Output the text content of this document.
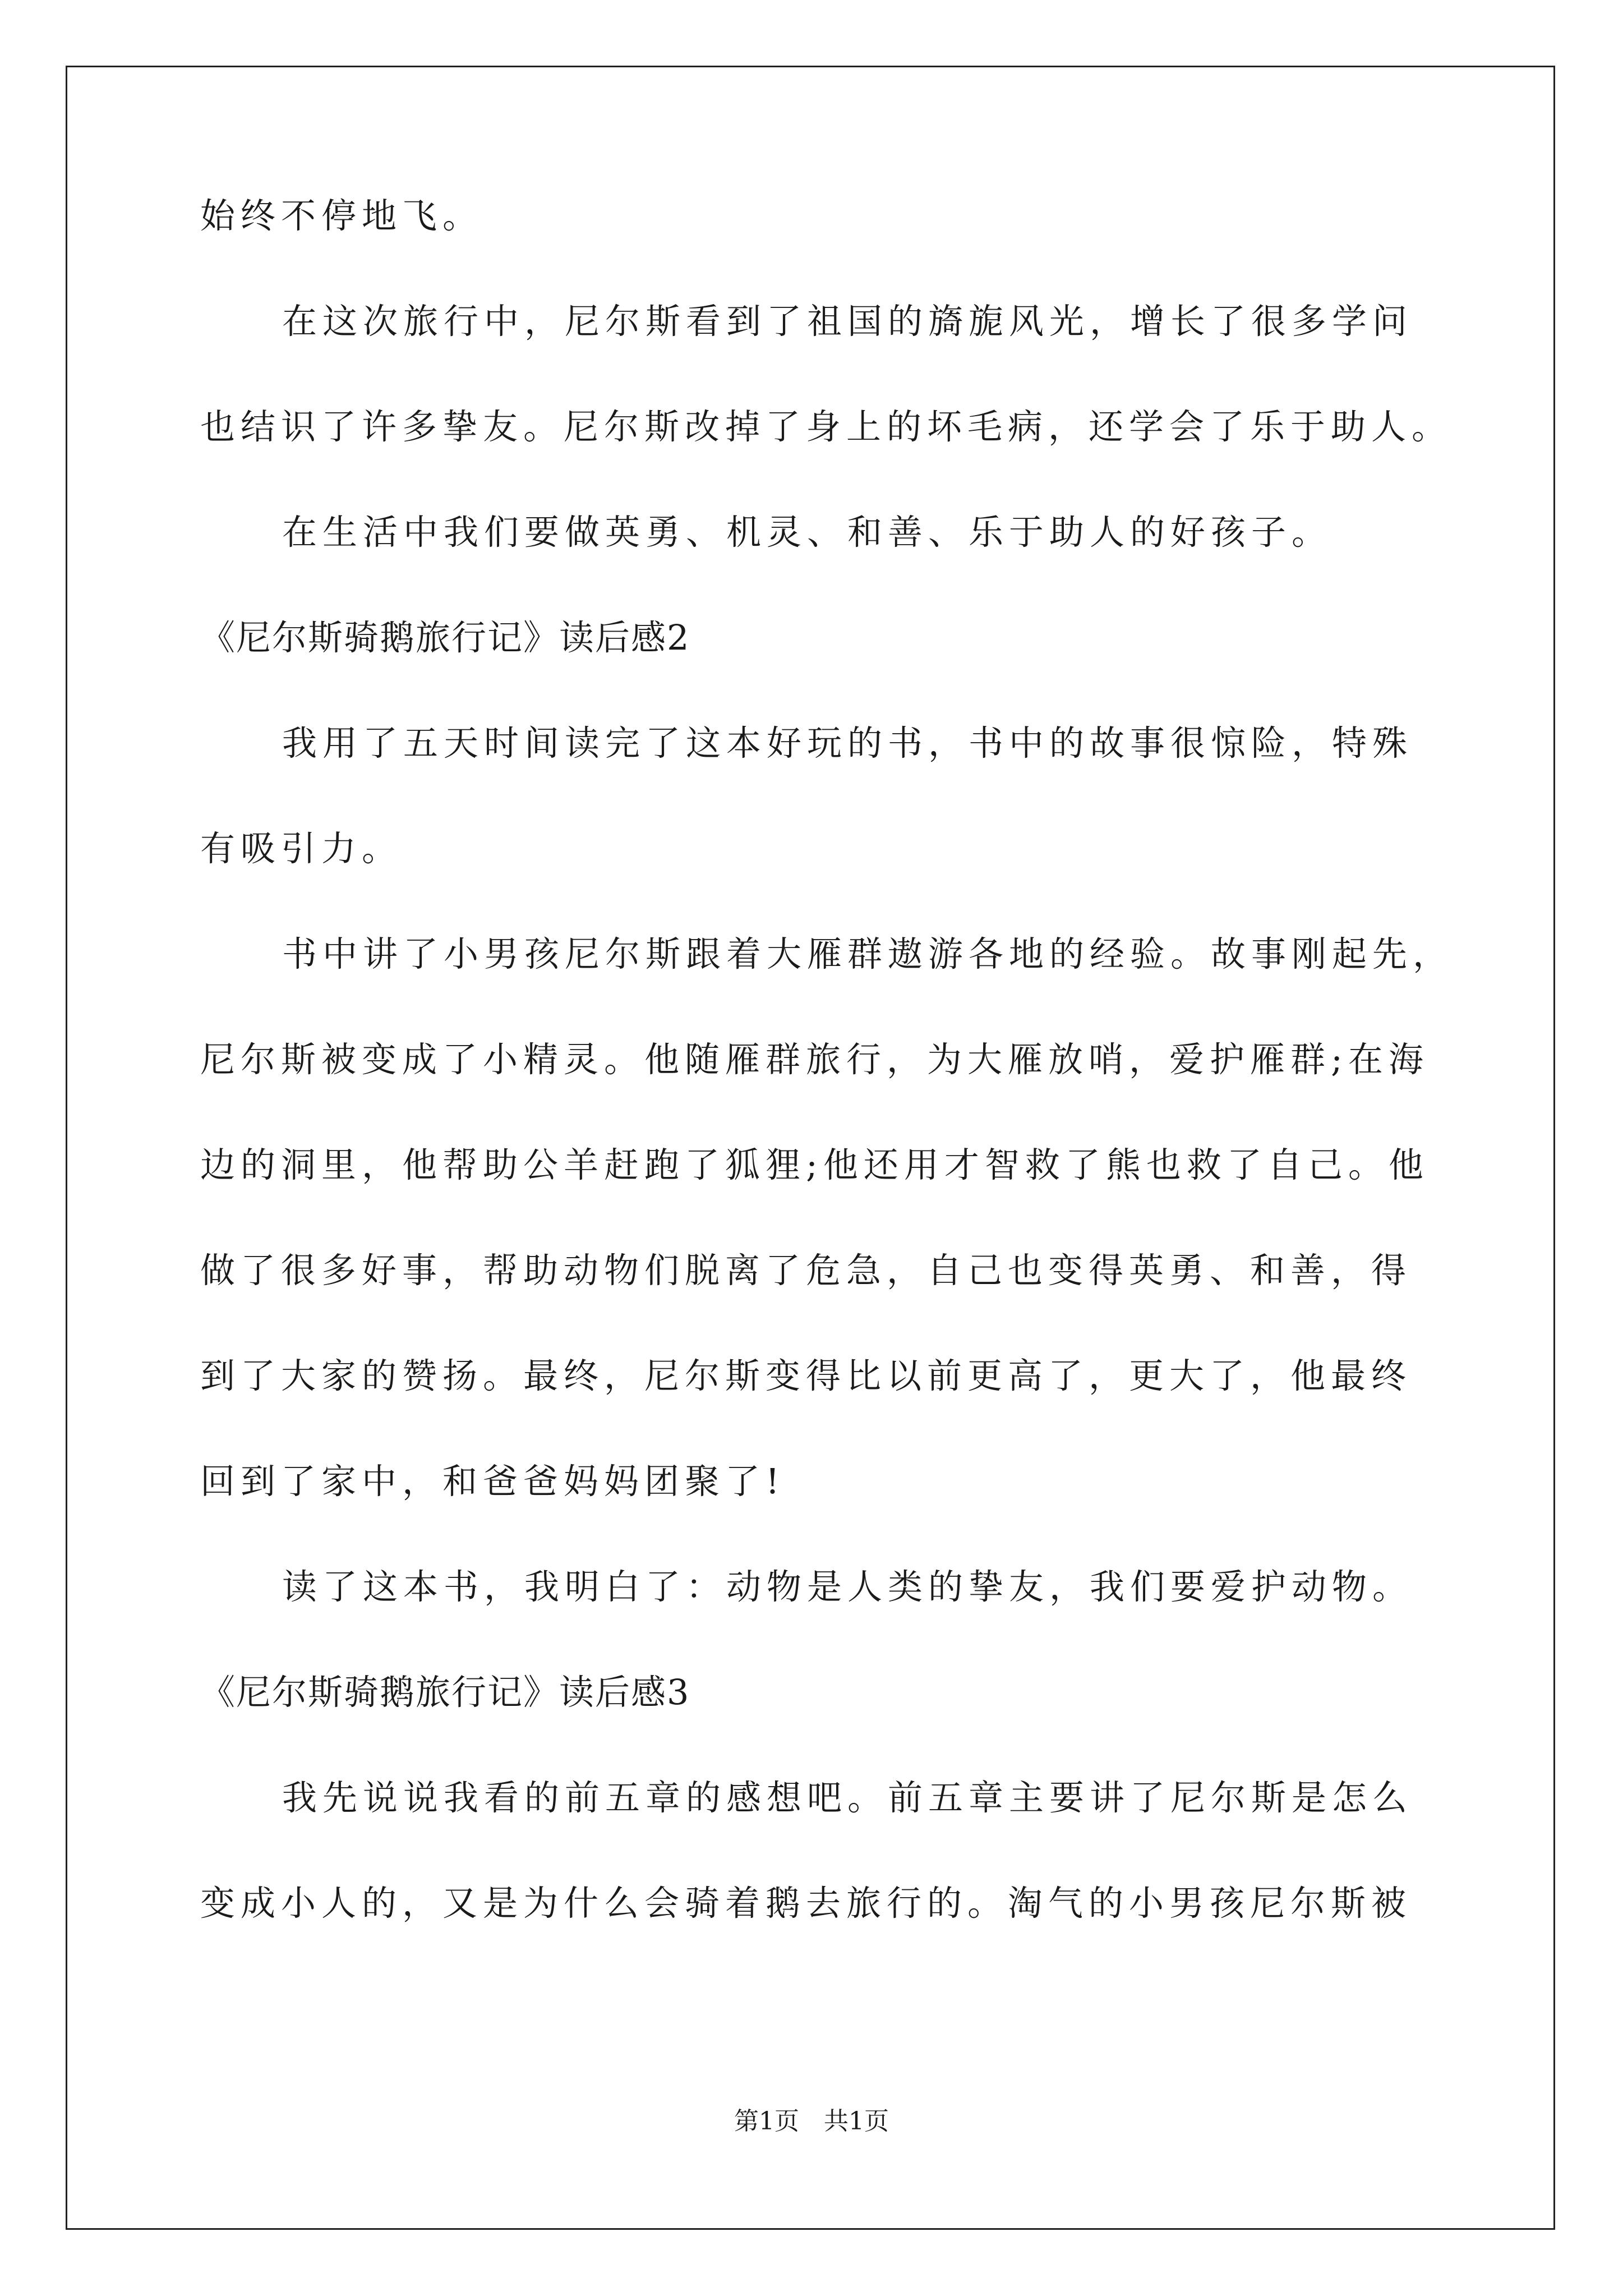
始终不停地飞。
在这次旅行中，尼尔斯看到了祖国的旖旎风光，增长了很多学问
也结识了许多挚友。尼尔斯改掉了身上的坏毛病，还学会了乐于助人。
在生活中我们要做英勇、机灵、和善、乐于助人的好孩子。
《尼尔斯骑鹅旅行记》读后感2
我用了五天时间读完了这本好玩的书，书中的故事很惊险，特殊
有吸引力。
书中讲了小男孩尼尔斯跟着大雁群遨游各地的经验。故事刚起先，
尼尔斯被变成了小精灵。他随雁群旅行，为大雁放哨，爱护雁群;在海
边的洞里，他帮助公羊赶跑了狐狸;他还用才智救了熊也救了自己。他
做了很多好事，帮助动物们脱离了危急，自己也变得英勇、和善，得
到了大家的赞扬。最终，尼尔斯变得比以前更高了，更大了，他最终
回到了家中，和爸爸妈妈团聚了!
读了这本书，我明白了：动物是人类的挚友，我们要爱护动物。
《尼尔斯骑鹅旅行记》读后感3
我先说说我看的前五章的感想吧。前五章主要讲了尼尔斯是怎么
变成小人的，又是为什么会骑着鹅去旅行的。淘气的小男孩尼尔斯被
第1页　共1页
